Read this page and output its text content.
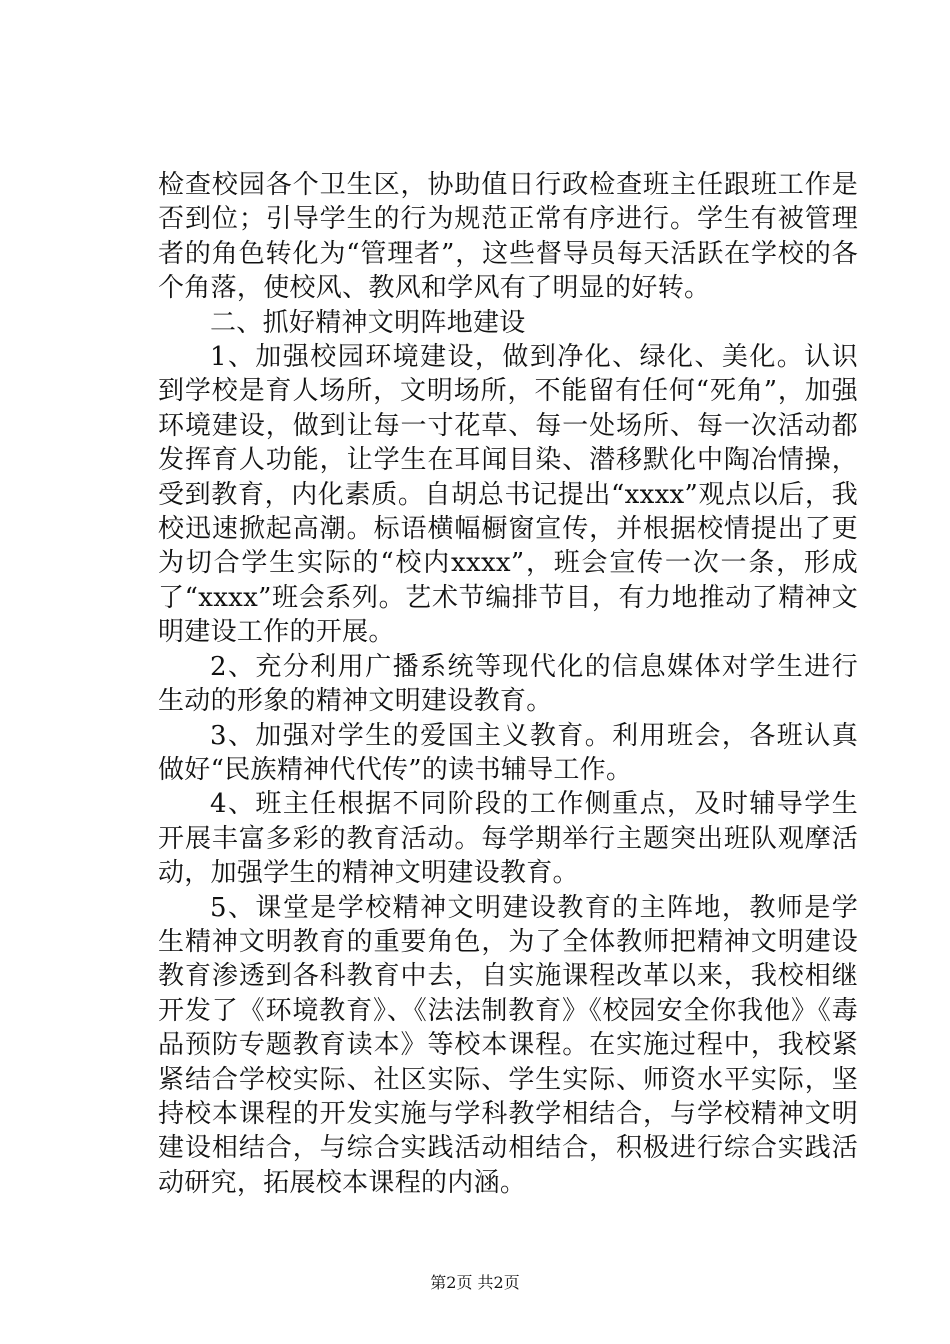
检查校园各个卫生区，协助值日行政检查班主任跟班工作是否到位；引导学生的行为规范正常有序进行。学生有被管理者的角色转化为“管理者”，这些督导员每天活跃在学校的各个角落，使校风、教风和学风有了明显的好转。

二、抓好精神文明阵地建设

1、加强校园环境建设，做到净化、绿化、美化。认识到学校是育人场所，文明场所，不能留有任何“死角”，加强环境建设，做到让每一寸花草、每一处场所、每一次活动都发挥育人功能，让学生在耳闻目染、潜移默化中陶冶情操，受到教育，内化素质。自胡总书记提出“xxxx”观点以后，我校迅速掀起高潮。标语横幅橱窗宣传，并根据校情提出了更为切合学生实际的“校内xxxx”，班会宣传一次一条，形成了“xxxx”班会系列。艺术节编排节目，有力地推动了精神文明建设工作的开展。

2、充分利用广播系统等现代化的信息媒体对学生进行生动的形象的精神文明建设教育。

3、加强对学生的爱国主义教育。利用班会，各班认真做好“民族精神代代传”的读书辅导工作。

4、班主任根据不同阶段的工作侧重点，及时辅导学生开展丰富多彩的教育活动。每学期举行主题突出班队观摩活动，加强学生的精神文明建设教育。

5、课堂是学校精神文明建设教育的主阵地，教师是学生精神文明教育的重要角色，为了全体教师把精神文明建设教育渗透到各科教育中去，自实施课程改革以来，我校相继开发了《环境教育》、《法法制教育》《校园安全你我他》《毒品预防专题教育读本》等校本课程。在实施过程中，我校紧紧结合学校实际、社区实际、学生实际、师资水平实际，坚持校本课程的开发实施与学科教学相结合，与学校精神文明建设相结合，与综合实践活动相结合，积极进行综合实践活动研究，拓展校本课程的内涵。

第2页 共2页
